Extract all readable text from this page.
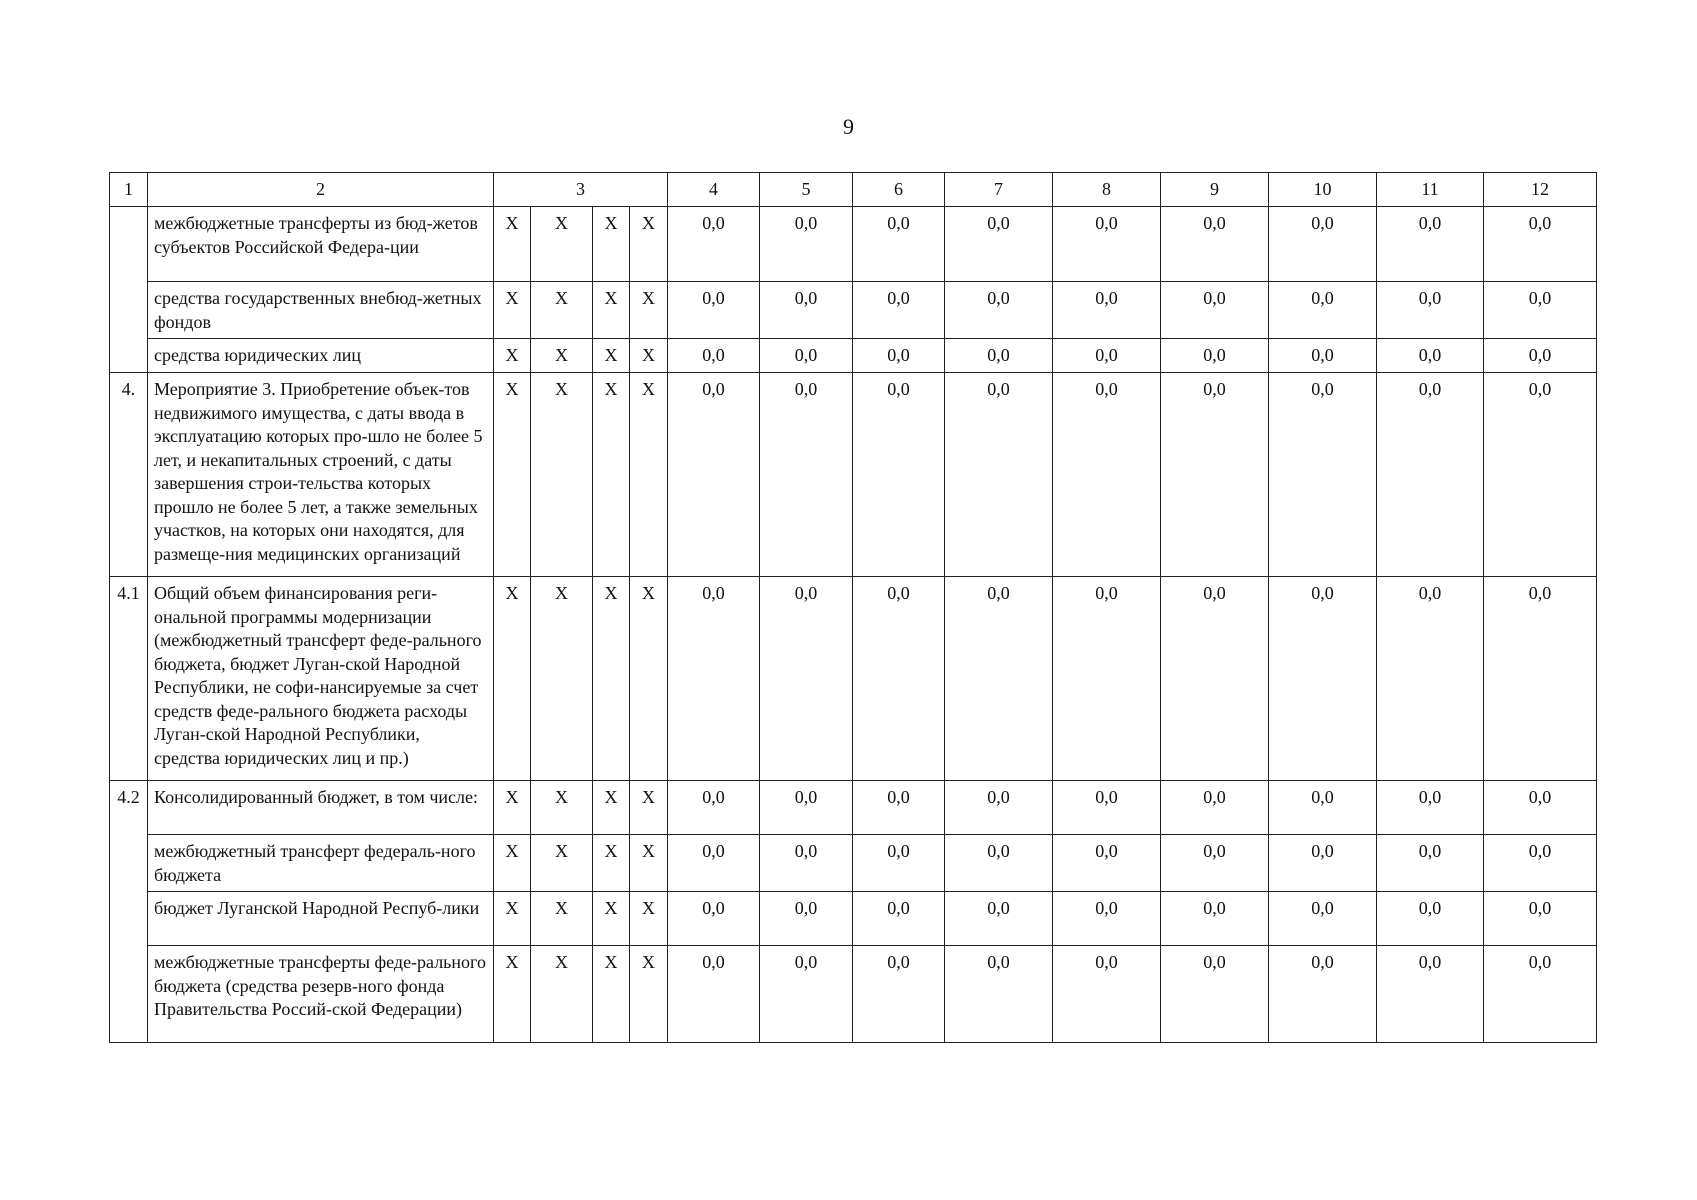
9
1	2	3				4	5	6	7	8	9	10	11	12
	межбюджетные трансферты из бюд-жетов субъектов Российской Федера-ции	X	X	X	X	0,0	0,0	0,0	0,0	0,0	0,0	0,0	0,0	0,0
	средства государственных внебюд-жетных фондов	X	X	X	X	0,0	0,0	0,0	0,0	0,0	0,0	0,0	0,0	0,0
	средства юридических лиц	X	X	X	X	0,0	0,0	0,0	0,0	0,0	0,0	0,0	0,0	0,0
4.	Мероприятие 3. Приобретение объек-тов недвижимого имущества, с даты ввода в эксплуатацию которых про-шло не более 5 лет, и некапитальных строений, с даты завершения строи-тельства которых прошло не более 5 лет, а также земельных участков, на которых они находятся, для размеще-ния медицинских организаций	X	X	X	X	0,0	0,0	0,0	0,0	0,0	0,0	0,0	0,0	0,0
4.1	Общий объем финансирования реги-ональной программы модернизации (межбюджетный трансферт феде-рального бюджета, бюджет Луган-ской Народной Республики, не софи-нансируемые за счет средств феде-рального бюджета расходы Луган-ской Народной Республики, средства юридических лиц и пр.)	X	X	X	X	0,0	0,0	0,0	0,0	0,0	0,0	0,0	0,0	0,0
4.2	Консолидированный бюджет, в том числе:	X	X	X	X	0,0	0,0	0,0	0,0	0,0	0,0	0,0	0,0	0,0
	межбюджетный трансферт федераль-ного бюджета	X	X	X	X	0,0	0,0	0,0	0,0	0,0	0,0	0,0	0,0	0,0
	бюджет Луганской Народной Респуб-лики	X	X	X	X	0,0	0,0	0,0	0,0	0,0	0,0	0,0	0,0	0,0
	межбюджетные трансферты феде-рального бюджета (средства резерв-ного фонда Правительства Россий-ской Федерации)	X	X	X	X	0,0	0,0	0,0	0,0	0,0	0,0	0,0	0,0	0,0
